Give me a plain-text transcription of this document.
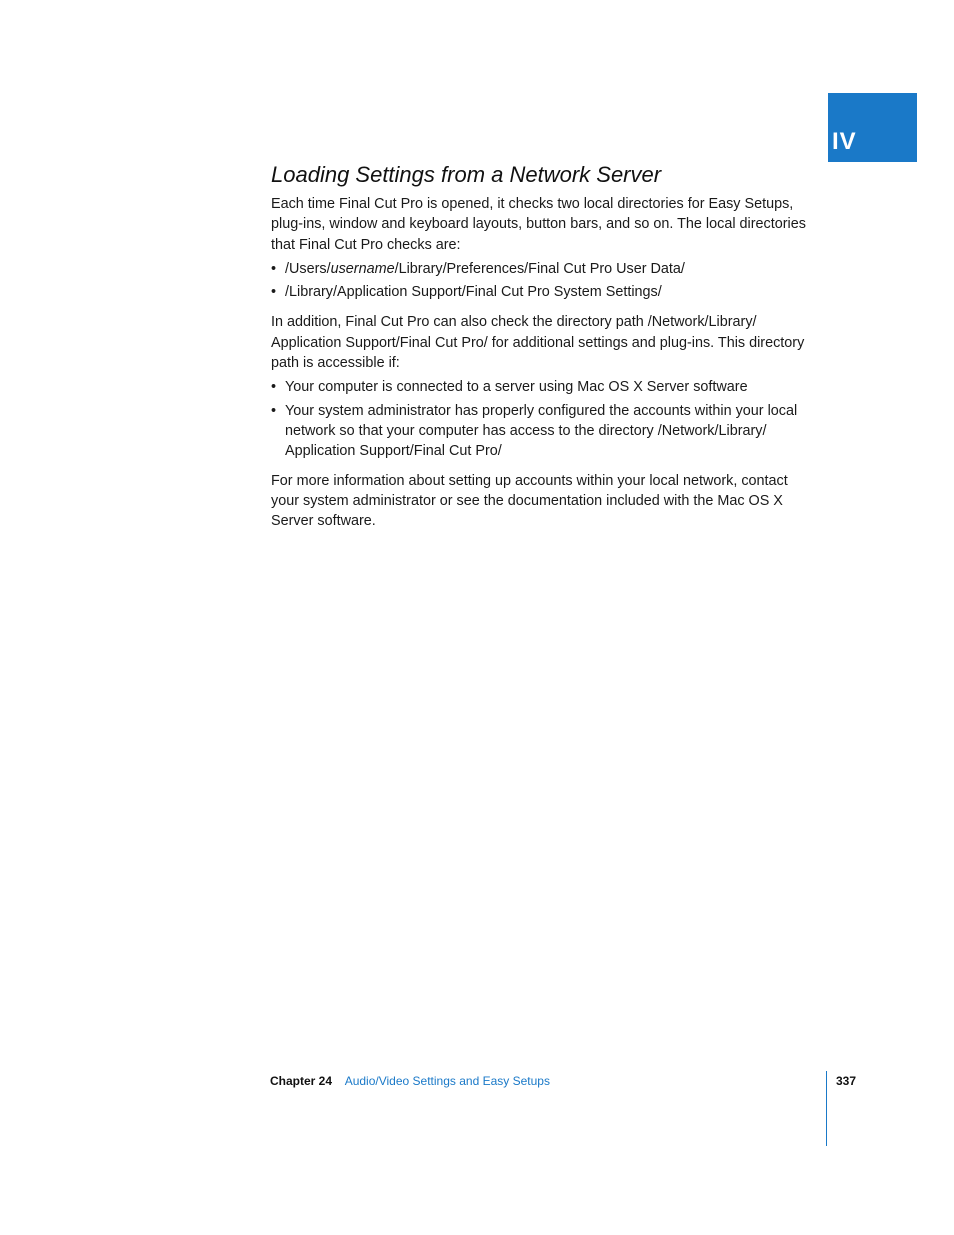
IV
Loading Settings from a Network Server

Each time Final Cut Pro is opened, it checks two local directories for Easy Setups, plug-ins, window and keyboard layouts, button bars, and so on. The local directories that Final Cut Pro checks are:

• /Users/username/Library/Preferences/Final Cut Pro User Data/
• /Library/Application Support/Final Cut Pro System Settings/

In addition, Final Cut Pro can also check the directory path /Network/Library/ Application Support/Final Cut Pro/ for additional settings and plug-ins. This directory path is accessible if:

• Your computer is connected to a server using Mac OS X Server software
• Your system administrator has properly configured the accounts within your local network so that your computer has access to the directory /Network/Library/ Application Support/Final Cut Pro/

For more information about setting up accounts within your local network, contact your system administrator or see the documentation included with the Mac OS X Server software.

Chapter 24 Audio/Video Settings and Easy Setups	337
